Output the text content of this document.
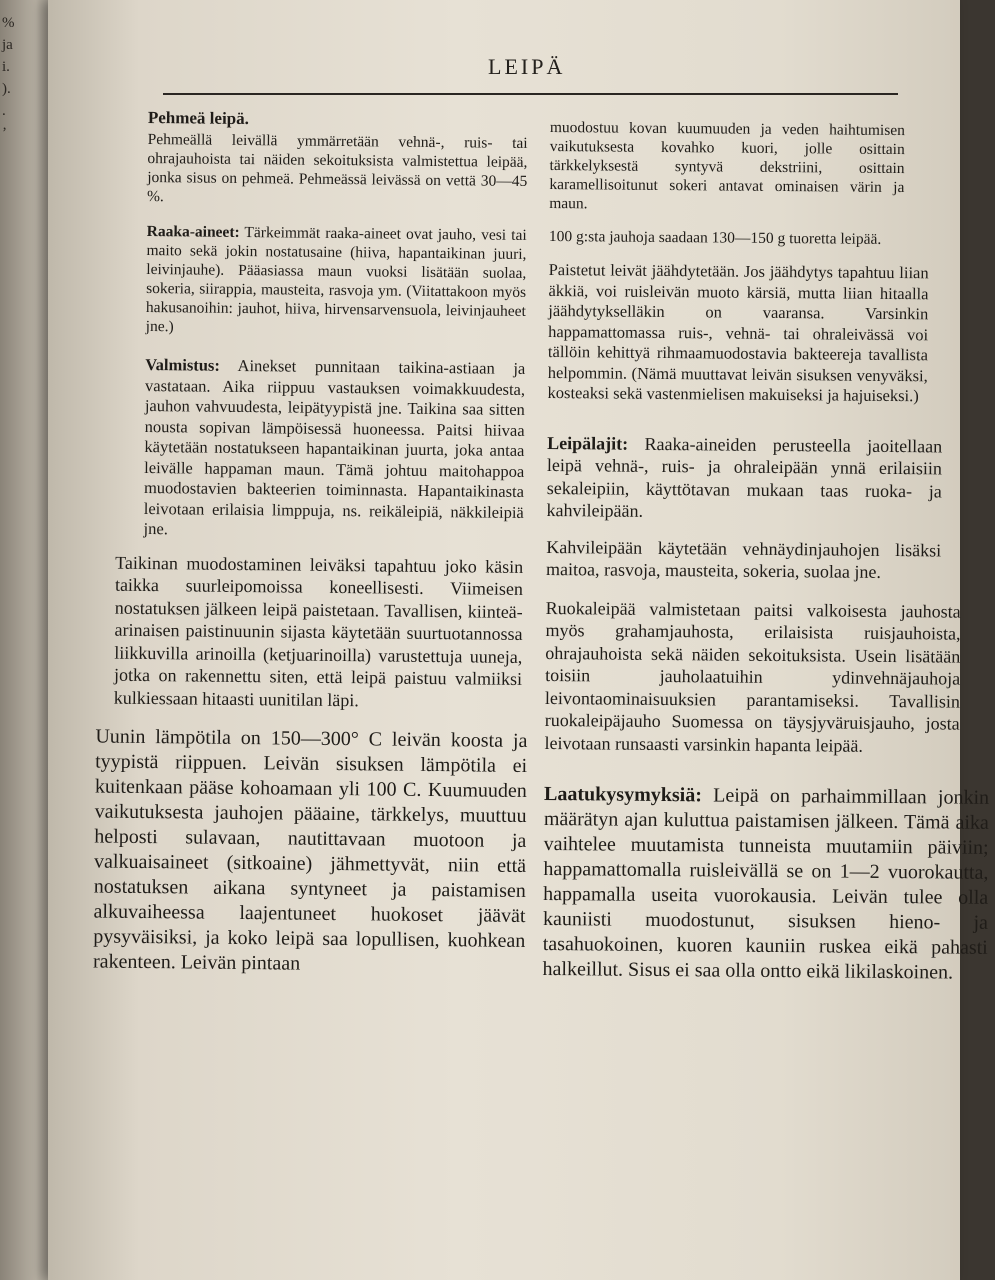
%
ja
i.
).
.
’
LEIPÄ

Pehmeä leipä.

Pehmeällä leivällä ymmärretään vehnä-, ruis- tai ohrajauhoista tai näiden sekoituksista valmistettua leipää, jonka sisus on pehmeä. Pehmeässä leivässä on vettä 30—45 %.

Raaka-aineet: Tärkeimmät raaka-aineet ovat jauho, vesi tai maito sekä jokin nostatusaine (hiiva, hapantaikinan juuri, leivinjauhe). Pääasiassa maun vuoksi lisätään suolaa, sokeria, siirappia, mausteita, rasvoja ym. (Viitattakoon myös hakusanoihin: jauhot, hiiva, hirvensarvensuola, leivinjauheet jne.)

Valmistus: Ainekset punnitaan taikina-astiaan ja vastataan. Aika riippuu vastauksen voimakkuudesta, jauhon vahvuudesta, leipätyypistä jne. Taikina saa sitten nousta sopivan lämpöisessä huoneessa. Paitsi hiivaa käytetään nostatukseen hapantaikinan juurta, joka antaa leivälle happaman maun. Tämä johtuu maitohappoa muodostavien bakteerien toiminnasta. Hapantaikinasta leivotaan erilaisia limppuja, ns. reikäleipiä, näkkileipiä jne.

Taikinan muodostaminen leiväksi tapahtuu joko käsin taikka suurleipomoissa koneellisesti. Viimeisen nostatuksen jälkeen leipä paistetaan. Tavallisen, kiinteä-arinaisen paistinuunin sijasta käytetään suurtuotannossa liikkuvilla arinoilla (ketjuarinoilla) varustettuja uuneja, jotka on rakennettu siten, että leipä paistuu valmiiksi kulkiessaan hitaasti uunitilan läpi.

Uunin lämpötila on 150—300° C leivän koosta ja tyypistä riippuen. Leivän sisuksen lämpötila ei kuitenkaan pääse kohoamaan yli 100 C. Kuumuuden vaikutuksesta jauhojen pääaine, tärkkelys, muuttuu helposti sulavaan, nautittavaan muotoon ja valkuaisaineet (sitkoaine) jähmettyvät, niin että nostatuksen aikana syntyneet ja paistamisen alkuvaiheessa laajentuneet huokoset jäävät pysyväisiksi, ja koko leipä saa lopullisen, kuohkean rakenteen. Leivän pintaan

muodostuu kovan kuumuuden ja veden haihtumisen vaikutuksesta kovahko kuori, jolle osittain tärkkelyksestä syntyvä dekstriini, osittain karamellisoitunut sokeri antavat ominaisen värin ja maun.

100 g:sta jauhoja saadaan 130—150 g tuoretta leipää.

Paistetut leivät jäähdytetään. Jos jäähdytys tapahtuu liian äkkiä, voi ruisleivän muoto kärsiä, mutta liian hitaalla jäähdytykselläkin on vaaransa. Varsinkin happamattomassa ruis-, vehnä- tai ohraleivässä voi tällöin kehittyä rihmaamuodostavia bakteereja tavallista helpommin. (Nämä muuttavat leivän sisuksen venyväksi, kosteaksi sekä vastenmielisen makuiseksi ja hajuiseksi.)

Leipälajit: Raaka-aineiden perusteella jaoitellaan leipä vehnä-, ruis- ja ohraleipään ynnä erilaisiin sekaleipiin, käyttötavan mukaan taas ruoka- ja kahvileipään.

Kahvileipään käytetään vehnäydinjauhojen lisäksi maitoa, rasvoja, mausteita, sokeria, suolaa jne.

Ruokaleipää valmistetaan paitsi valkoisesta jauhosta myös grahamjauhosta, erilaisista ruisjauhoista, ohrajauhoista sekä näiden sekoituksista. Usein lisätään toisiin jauholaatuihin ydinvehnäjauhoja leivontaominaisuuksien parantamiseksi. Tavallisin ruokaleipäjauho Suomessa on täysjyväruisjauho, josta leivotaan runsaasti varsinkin hapanta leipää.

Laatukysymyksiä: Leipä on parhaimmillaan jonkin määrätyn ajan kuluttua paistamisen jälkeen. Tämä aika vaihtelee muutamista tunneista muutamiin päiviin; happamattomalla ruisleivällä se on 1—2 vuorokautta, happamalla useita vuorokausia. Leivän tulee olla kauniisti muodostunut, sisuksen hieno- ja tasahuokoinen, kuoren kauniin ruskea eikä pahasti halkeillut. Sisus ei saa olla ontto eikä likilaskoinen.
